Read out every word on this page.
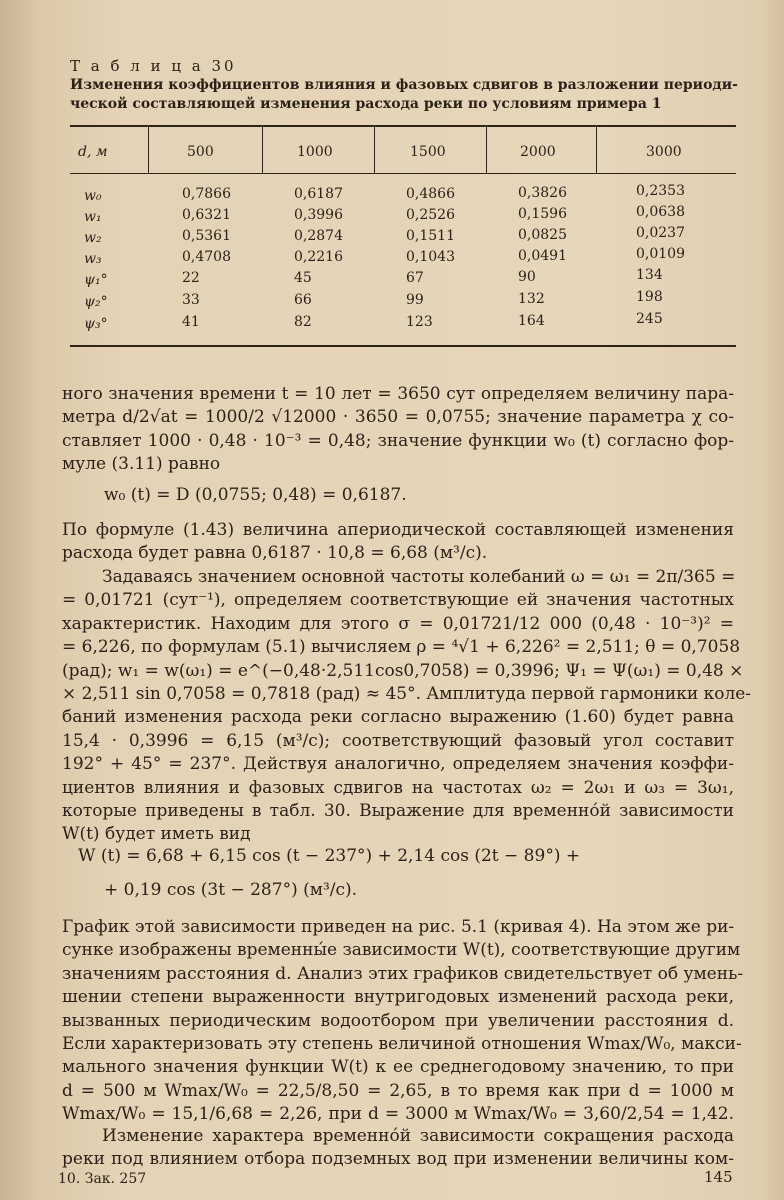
Т а б л и ц а 30
Изменения коэффициентов влияния и фазовых сдвигов в разложении периоди-
ческой составляющей изменения расхода реки по условиям примера 1
d, м	500	1000	1500	2000	3000
w₀	0,7866	0,6187	0,4866	0,3826	0,2353
w₁	0,6321	0,3996	0,2526	0,1596	0,0638
w₂	0,5361	0,2874	0,1511	0,0825	0,0237
w₃	0,4708	0,2216	0,1043	0,0491	0,0109
ψ₁°	22	45	67	90	134
ψ₂°	33	66	99	132	198
ψ₃°	41	82	123	164	245
ного значения времени t = 10 лет = 3650 сут определяем величину пара-
метра d/2√at = 1000/2 √12000 · 3650 = 0,0755; значение параметра χ со-
ставляет 1000 · 0,48 · 10⁻³ = 0,48; значение функции w₀ (t) согласно фор-
муле (3.11) равно
w₀ (t) = D (0,0755; 0,48) = 0,6187.
По формуле (1.43) величина апериодической составляющей изменения
расхода будет равна 0,6187 · 10,8 = 6,68 (м³/с).
Задаваясь значением основной частоты колебаний ω = ω₁ = 2π/365 =
= 0,01721 (сут⁻¹), определяем соответствующие ей значения частотных
характеристик. Находим для этого σ = 0,01721/12 000 (0,48 · 10⁻³)² =
= 6,226, по формулам (5.1) вычисляем ρ = ⁴√1 + 6,226² = 2,511; θ = 0,7058
(рад); w₁ = w(ω₁) = e^(−0,48·2,511cos0,7058) = 0,3996; Ψ₁ = Ψ(ω₁) = 0,48 ×
× 2,511 sin 0,7058 = 0,7818 (рад) ≈ 45°. Амплитуда первой гармоники коле-
баний изменения расхода реки согласно выражению (1.60) будет равна
15,4 · 0,3996 = 6,15 (м³/с); соответствующий фазовый угол составит
192° + 45° = 237°. Действуя аналогично, определяем значения коэффи-
циентов влияния и фазовых сдвигов на частотах ω₂ = 2ω₁ и ω₃ = 3ω₁,
которые приведены в табл. 30. Выражение для временно́й зависимости
W(t) будет иметь вид
W (t) = 6,68 + 6,15 cos (t − 237°) + 2,14 cos (2t − 89°) +
+ 0,19 cos (3t − 287°) (м³/с).
График этой зависимости приведен на рис. 5.1 (кривая 4). На этом же ри-
сунке изображены временны́е зависимости W(t), соответствующие другим
значениям расстояния d. Анализ этих графиков свидетельствует об умень-
шении степени выраженности внутригодовых изменений расхода реки,
вызванных периодическим водоотбором при увеличении расстояния d.
Если характеризовать эту степень величиной отношения Wmax/W₀, макси-
мального значения функции W(t) к ее среднегодовому значению, то при
d = 500 м Wmax/W₀ = 22,5/8,50 = 2,65, в то время как при d = 1000 м
Wmax/W₀ = 15,1/6,68 = 2,26, при d = 3000 м Wmax/W₀ = 3,60/2,54 = 1,42.
Изменение характера временно́й зависимости сокращения расхода
реки под влиянием отбора подземных вод при изменении величины ком-
10. Зак. 257	145
